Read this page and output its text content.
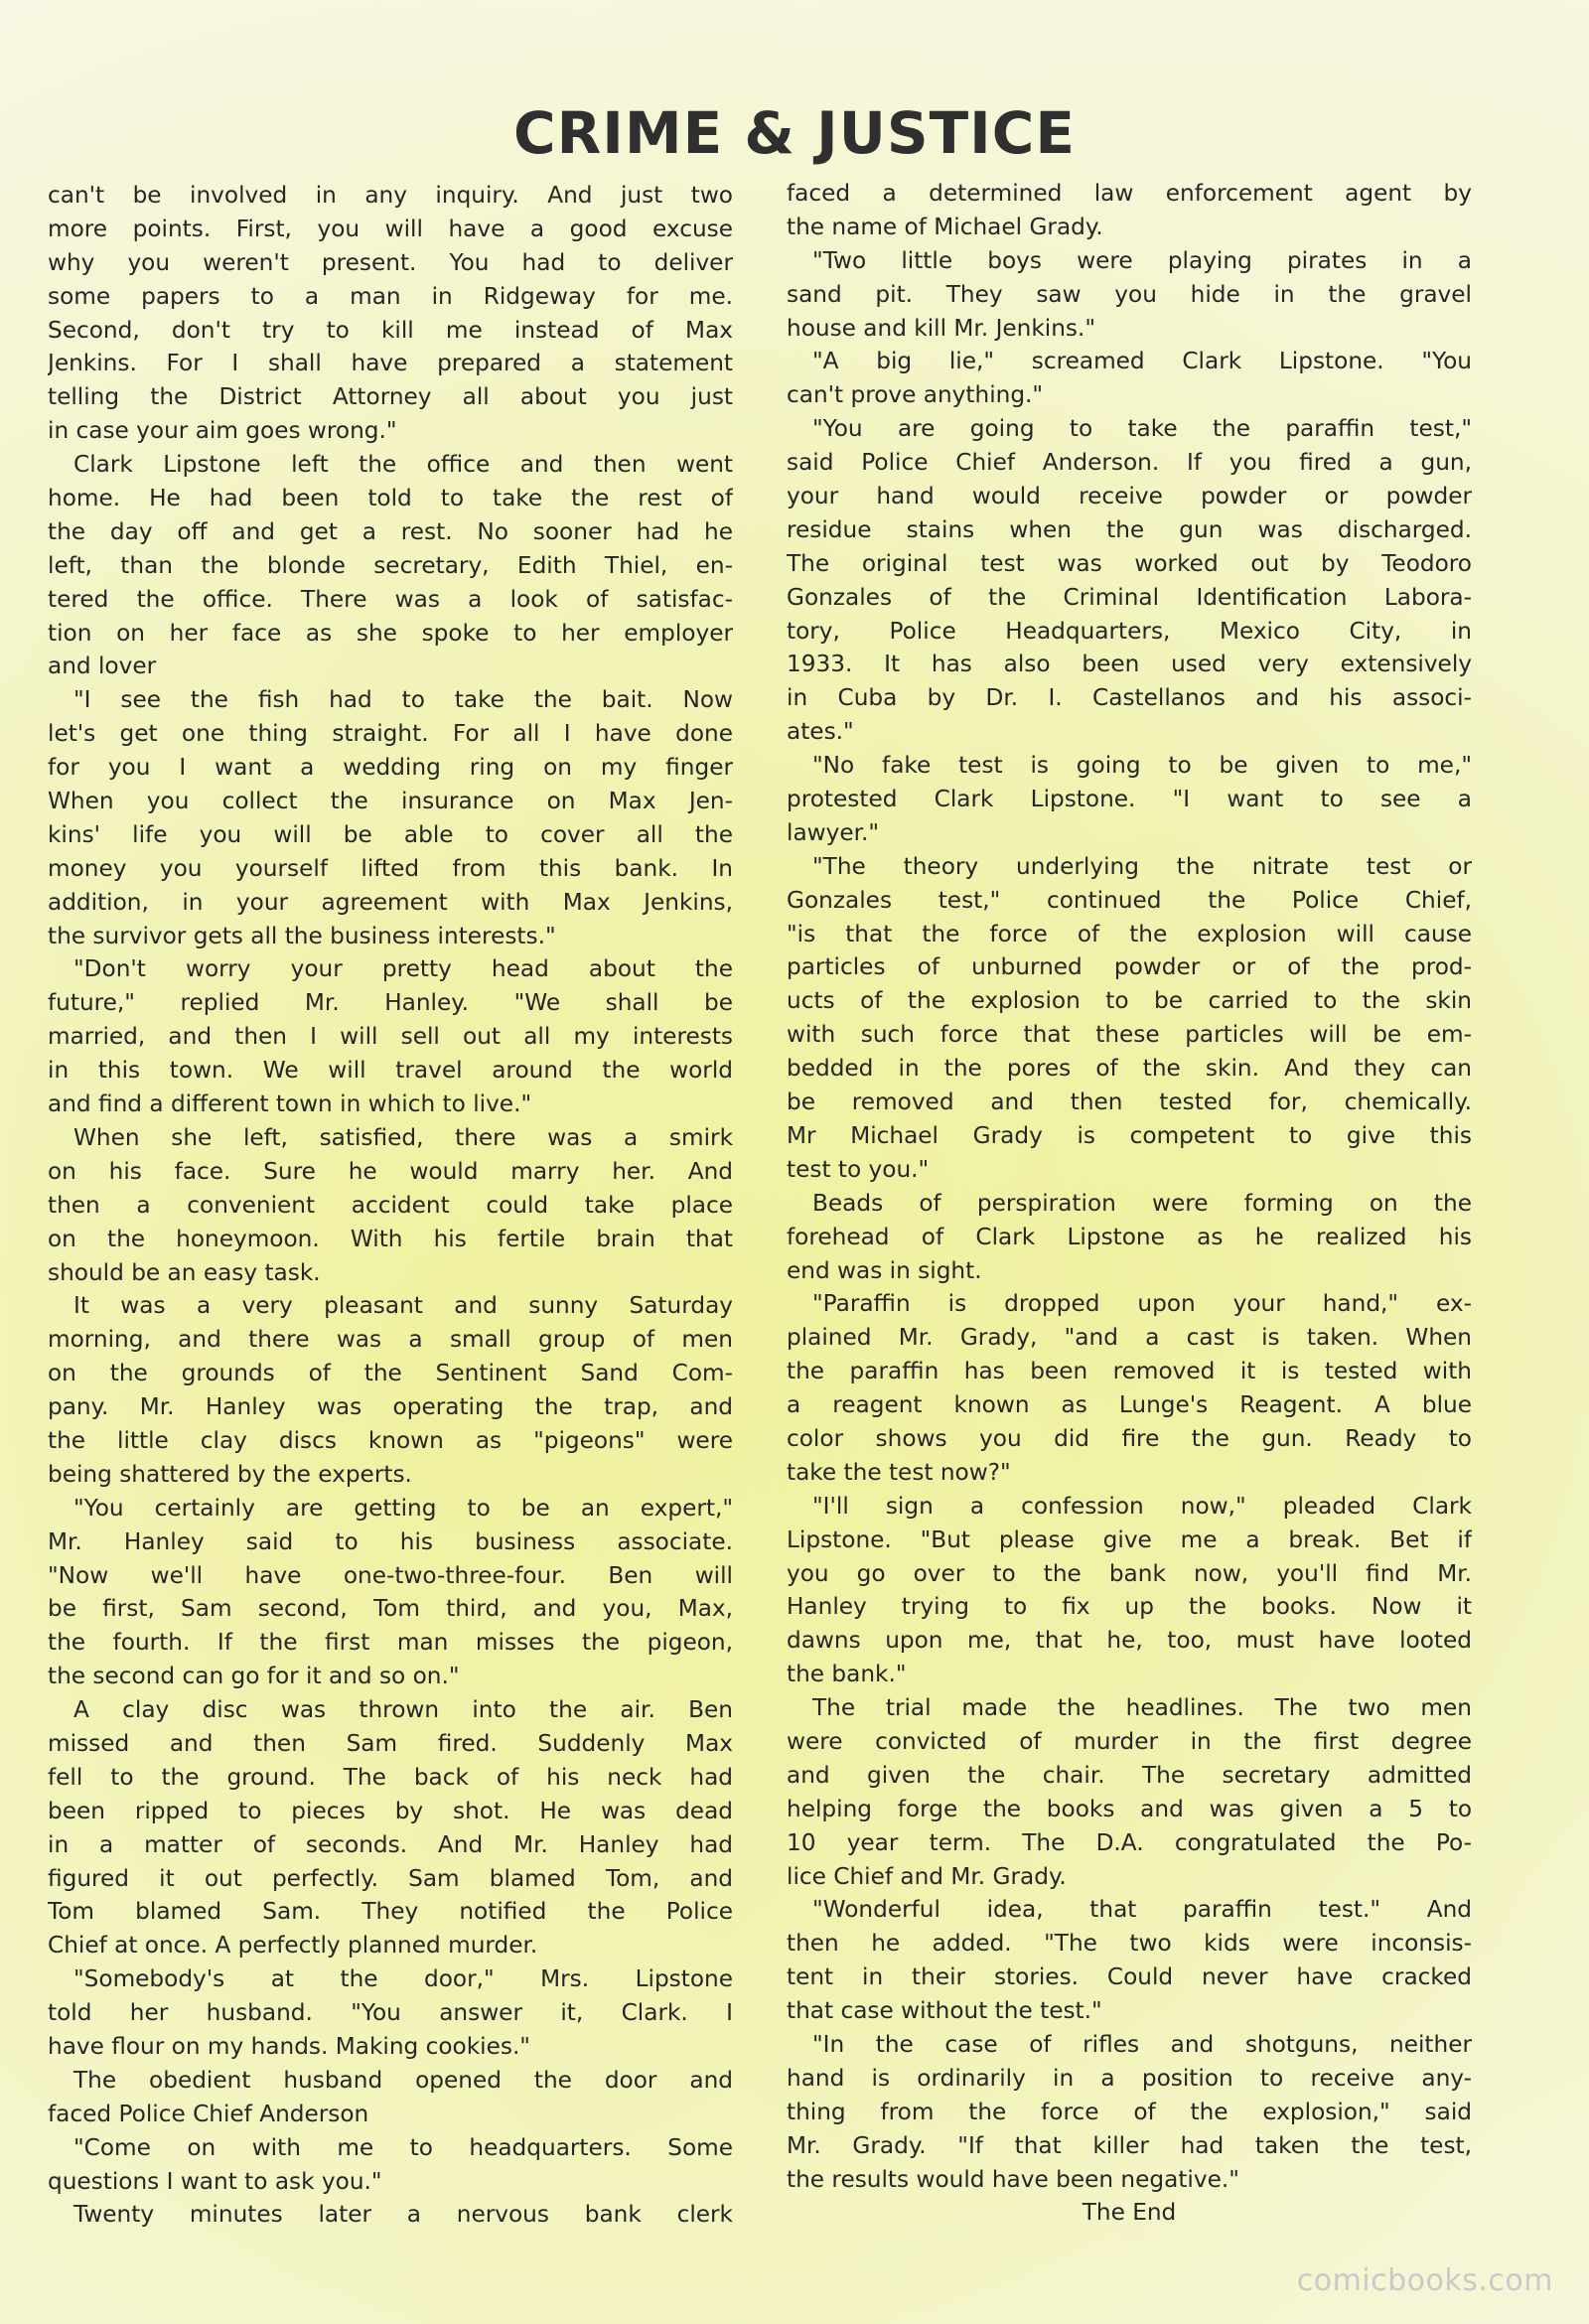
CRIME & JUSTICE
can't be involved in any inquiry. And just two
more points. First, you will have a good excuse
why you weren't present. You had to deliver
some papers to a man in Ridgeway for me.
Second, don't try to kill me instead of Max
Jenkins. For I shall have prepared a statement
telling the District Attorney all about you just
in case your aim goes wrong."
Clark Lipstone left the office and then went
home. He had been told to take the rest of
the day off and get a rest. No sooner had he
left, than the blonde secretary, Edith Thiel, en-
tered the office. There was a look of satisfac-
tion on her face as she spoke to her employer
and lover
"I see the fish had to take the bait. Now
let's get one thing straight. For all I have done
for you I want a wedding ring on my finger
When you collect the insurance on Max Jen-
kins' life you will be able to cover all the
money you yourself lifted from this bank. In
addition, in your agreement with Max Jenkins,
the survivor gets all the business interests."
"Don't worry your pretty head about the
future," replied Mr. Hanley. "We shall be
married, and then I will sell out all my interests
in this town. We will travel around the world
and find a different town in which to live."
When she left, satisfied, there was a smirk
on his face. Sure he would marry her. And
then a convenient accident could take place
on the honeymoon. With his fertile brain that
should be an easy task.
It was a very pleasant and sunny Saturday
morning, and there was a small group of men
on the grounds of the Sentinent Sand Com-
pany. Mr. Hanley was operating the trap, and
the little clay discs known as "pigeons" were
being shattered by the experts.
"You certainly are getting to be an expert,"
Mr. Hanley said to his business associate.
"Now we'll have one-two-three-four. Ben will
be first, Sam second, Tom third, and you, Max,
the fourth. If the first man misses the pigeon,
the second can go for it and so on."
A clay disc was thrown into the air. Ben
missed and then Sam fired. Suddenly Max
fell to the ground. The back of his neck had
been ripped to pieces by shot. He was dead
in a matter of seconds. And Mr. Hanley had
figured it out perfectly. Sam blamed Tom, and
Tom blamed Sam. They notified the Police
Chief at once. A perfectly planned murder.
"Somebody's at the door," Mrs. Lipstone
told her husband. "You answer it, Clark. I
have flour on my hands. Making cookies."
The obedient husband opened the door and
faced Police Chief Anderson
"Come on with me to headquarters. Some
questions I want to ask you."
Twenty minutes later a nervous bank clerk
faced a determined law enforcement agent by
the name of Michael Grady.
"Two little boys were playing pirates in a
sand pit. They saw you hide in the gravel
house and kill Mr. Jenkins."
"A big lie," screamed Clark Lipstone. "You
can't prove anything."
"You are going to take the paraffin test,"
said Police Chief Anderson. If you fired a gun,
your hand would receive powder or powder
residue stains when the gun was discharged.
The original test was worked out by Teodoro
Gonzales of the Criminal Identification Labora-
tory, Police Headquarters, Mexico City, in
1933. It has also been used very extensively
in Cuba by Dr. I. Castellanos and his associ-
ates."
"No fake test is going to be given to me,"
protested Clark Lipstone. "I want to see a
lawyer."
"The theory underlying the nitrate test or
Gonzales test," continued the Police Chief,
"is that the force of the explosion will cause
particles of unburned powder or of the prod-
ucts of the explosion to be carried to the skin
with such force that these particles will be em-
bedded in the pores of the skin. And they can
be removed and then tested for, chemically.
Mr Michael Grady is competent to give this
test to you."
Beads of perspiration were forming on the
forehead of Clark Lipstone as he realized his
end was in sight.
"Paraffin is dropped upon your hand," ex-
plained Mr. Grady, "and a cast is taken. When
the paraffin has been removed it is tested with
a reagent known as Lunge's Reagent. A blue
color shows you did fire the gun. Ready to
take the test now?"
"I'll sign a confession now," pleaded Clark
Lipstone. "But please give me a break. Bet if
you go over to the bank now, you'll find Mr.
Hanley trying to fix up the books. Now it
dawns upon me, that he, too, must have looted
the bank."
The trial made the headlines. The two men
were convicted of murder in the first degree
and given the chair. The secretary admitted
helping forge the books and was given a 5 to
10 year term. The D.A. congratulated the Po-
lice Chief and Mr. Grady.
"Wonderful idea, that paraffin test." And
then he added. "The two kids were inconsis-
tent in their stories. Could never have cracked
that case without the test."
"In the case of rifles and shotguns, neither
hand is ordinarily in a position to receive any-
thing from the force of the explosion," said
Mr. Grady. "If that killer had taken the test,
the results would have been negative."
The End
comicbooks.com
